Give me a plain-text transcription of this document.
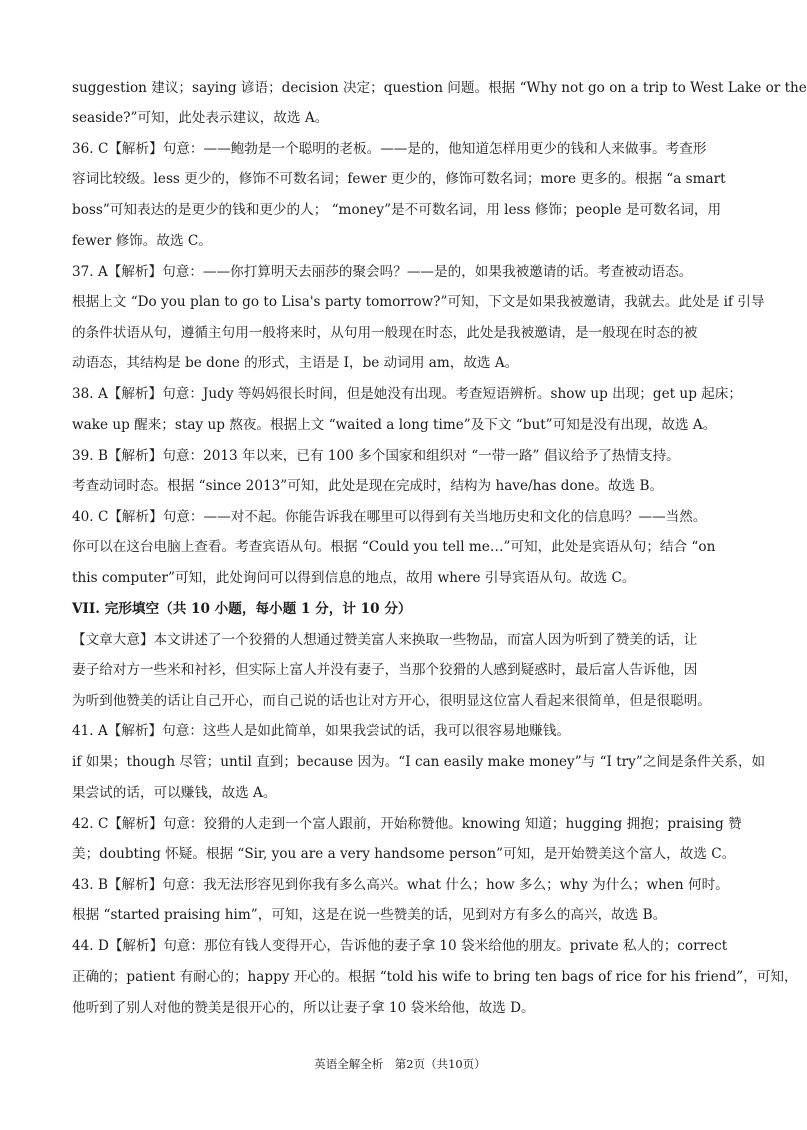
suggestion 建议；saying 谚语；decision 决定；question 问题。根据 “Why not go on a trip to West Lake or the
seaside?”可知，此处表示建议，故选 A。
36. C【解析】句意：——鲍勃是一个聪明的老板。——是的，他知道怎样用更少的钱和人来做事。考查形
容词比较级。less 更少的，修饰不可数名词；fewer 更少的，修饰可数名词；more 更多的。根据 “a smart
boss”可知表达的是更少的钱和更少的人； “money”是不可数名词，用 less 修饰；people 是可数名词，用
fewer 修饰。故选 C。
37. A【解析】句意：——你打算明天去丽莎的聚会吗？——是的，如果我被邀请的话。考查被动语态。
根据上文 “Do you plan to go to Lisa's party tomorrow?”可知，下文是如果我被邀请，我就去。此处是 if 引导
的条件状语从句，遵循主句用一般将来时，从句用一般现在时态，此处是我被邀请，是一般现在时态的被
动语态，其结构是 be done 的形式，主语是 I，be 动词用 am，故选 A。
38. A【解析】句意：Judy 等妈妈很长时间，但是她没有出现。考查短语辨析。show up 出现；get up 起床；
wake up 醒来；stay up 熬夜。根据上文 “waited a long time”及下文 “but”可知是没有出现，故选 A。
39. B【解析】句意：2013 年以来，已有 100 多个国家和组织对 “一带一路” 倡议给予了热情支持。
考查动词时态。根据 “since 2013”可知，此处是现在完成时，结构为 have/has done。故选 B。
40. C【解析】句意：——对不起。你能告诉我在哪里可以得到有关当地历史和文化的信息吗？——当然。
你可以在这台电脑上查看。考查宾语从句。根据 “Could you tell me…”可知，此处是宾语从句；结合 “on
this computer”可知，此处询问可以得到信息的地点，故用 where 引导宾语从句。故选 C。
VII. 完形填空（共 10 小题，每小题 1 分，计 10 分）
【文章大意】本文讲述了一个狡猾的人想通过赞美富人来换取一些物品，而富人因为听到了赞美的话，让
妻子给对方一些米和衬衫，但实际上富人并没有妻子，当那个狡猾的人感到疑惑时，最后富人告诉他，因
为听到他赞美的话让自己开心，而自己说的话也让对方开心，很明显这位富人看起来很简单，但是很聪明。
41. A【解析】句意：这些人是如此简单，如果我尝试的话，我可以很容易地赚钱。
if 如果；though 尽管；until 直到；because 因为。“I can easily make money”与 “I try”之间是条件关系，如
果尝试的话，可以赚钱，故选 A。
42. C【解析】句意：狡猾的人走到一个富人跟前，开始称赞他。knowing 知道；hugging 拥抱；praising 赞
美；doubting 怀疑。根据 “Sir, you are a very handsome person”可知，是开始赞美这个富人，故选 C。
43. B【解析】句意：我无法形容见到你我有多么高兴。what 什么；how 多么；why 为什么；when 何时。
根据 “started praising him”，可知，这是在说一些赞美的话，见到对方有多么的高兴，故选 B。
44. D【解析】句意：那位有钱人变得开心，告诉他的妻子拿 10 袋米给他的朋友。private 私人的；correct
正确的；patient 有耐心的；happy 开心的。根据 “told his wife to bring ten bags of rice for his friend”，可知，
他听到了别人对他的赞美是很开心的，所以让妻子拿 10 袋米给他，故选 D。
英语全解全析　第2页（共10页）
